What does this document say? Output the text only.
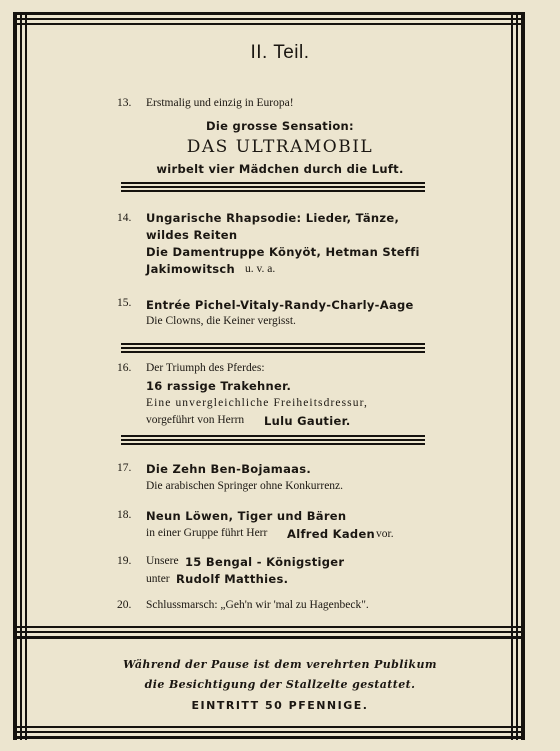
II. Teil.
13. Erstmalig und einzig in Europa!
Die grosse Sensation:
DAS ULTRAMOBIL
wirbelt vier Mädchen durch die Luft.
14. Ungarische Rhapsodie: Lieder, Tänze,
wildes Reiten
Die Damentruppe Könyöt, Hetman Steffi
Jakimowitsch u. v. a.
15. Entrée Pichel-Vitaly-Randy-Charly-Aage
Die Clowns, die Keiner vergisst.
16. Der Triumph des Pferdes:
16 rassige Trakehner.
Eine unvergleichliche Freiheitsdressur,
vorgeführt von Herrn Lulu Gautier.
17. Die Zehn Ben-Bojamaas.
Die arabischen Springer ohne Konkurrenz.
18. Neun Löwen, Tiger und Bären
in einer Gruppe führt Herr Alfred Kaden vor.
19. Unsere 15 Bengal - Königstiger
unter Rudolf Matthies.
20. Schlussmarsch: „Geh'n wir 'mal zu Hagenbeck".
Während der Pause ist dem verehrten Publikum
die Besichtigung der Stallzelte gestattet.
EINTRITT 50 PFENNIGE.
